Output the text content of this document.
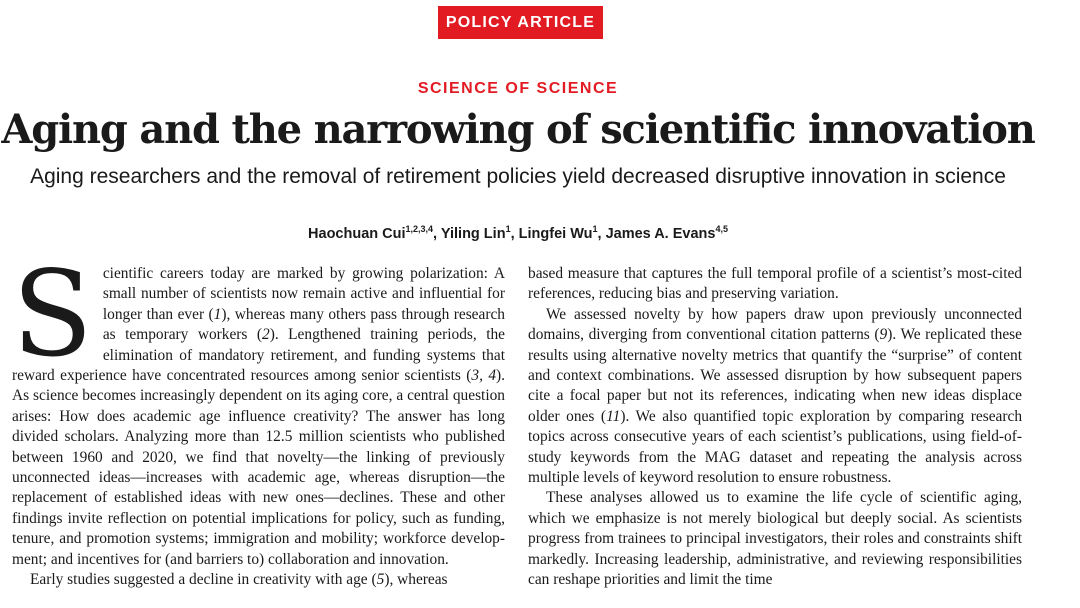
POLICY ARTICLE
SCIENCE OF SCIENCE
Aging and the narrowing of scientific innovation
Aging researchers and the removal of retirement policies yield decreased disruptive innovation in science
Haochuan Cui$^{1,2,3,4}$, Yiling Lin$^1$, Lingfei Wu$^1$, James A. Evans$^{4,5}$

S cientific careers today are marked by growing polarization: A small number of scientists now remain active and influential for longer than ever (1), whereas many others pass through research as temporary workers (2). Lengthened training periods, the elimination of mandatory retirement, and funding systems that reward experience have concentrated resources among senior scientists (3, 4). As science becomes increasingly dependent on its aging core, a central question arises: How does academic age influence creativity? The answer has long divided scholars. Analyzing more than 12.5 million scientists who published between 1960 and 2020, we find that novelty—the linking of previously unconnected ideas—increases with academic age, whereas disruption—the replacement of established ideas with new ones—declines. These and other findings invite reflection on potential implications for policy, such as funding, tenure, and promotion systems; immigration and mobility; workforce development; and incentives for (and barriers to) collaboration and innovation.

Early studies suggested a decline in creativity with age (5), whereas

based measure that captures the full temporal profile of a scientist’s most-cited references, reducing bias and preserving variation.

We assessed novelty by how papers draw upon previously unconnected domains, diverging from conventional citation patterns (9). We replicated these results using alternative novelty metrics that quantify the “surprise” of content and context combinations. We assessed disruption by how subsequent papers cite a focal paper but not its references, indicating when new ideas displace older ones (11). We also quantified topic exploration by comparing research topics across consecutive years of each scientist’s publications, using field-of-study keywords from the MAG dataset and repeating the analysis across multiple levels of keyword resolution to ensure robustness.

These analyses allowed us to examine the life cycle of scientific aging, which we emphasize is not merely biological but deeply social. As scientists progress from trainees to principal investigators, their roles and constraints shift markedly. Increasing leadership, administrative, and reviewing responsibilities can reshape priorities and limit the time
